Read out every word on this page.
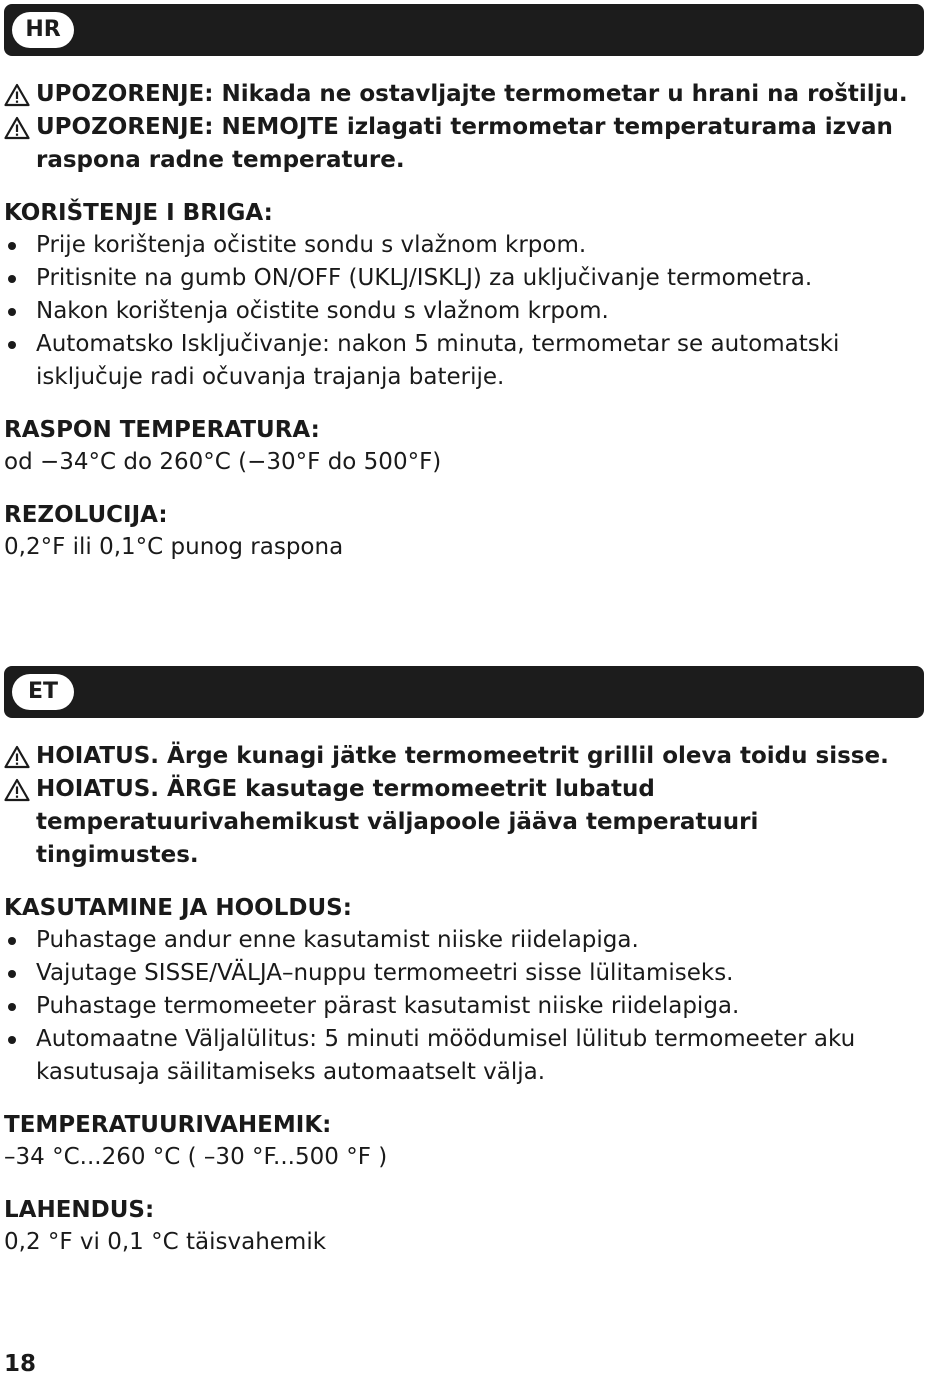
HR
UPOZORENJE: Nikada ne ostavljajte termometar u hrani na roštilju.
UPOZORENJE: NEMOJTE izlagati termometar temperaturama izvan raspona radne temperature.
KORIŠTENJE I BRIGA:
Prije korištenja očistite sondu s vlažnom krpom.
Pritisnite na gumb ON/OFF (UKLJ/ISKLJ) za uključivanje termometra.
Nakon korištenja očistite sondu s vlažnom krpom.
Automatsko Isključivanje: nakon 5 minuta, termometar se automatski isključuje radi očuvanja trajanja baterije.
RASPON TEMPERATURA:
od −34°C do 260°C (−30°F do 500°F)
REZOLUCIJA:
0,2°F ili 0,1°C punog raspona
ET
HOIATUS. Ärge kunagi jätke termomeetrit grillil oleva toidu sisse.
HOIATUS. ÄRGE kasutage termomeetrit lubatud temperatuurivahemikust väljapoole jääva temperatuuri tingimustes.
KASUTAMINE JA HOOLDUS:
Puhastage andur enne kasutamist niiske riidelapiga.
Vajutage SISSE/VÄLJA–nuppu termomeetri sisse lülitamiseks.
Puhastage termomeeter pärast kasutamist niiske riidelapiga.
Automaatne Väljalülitus: 5 minuti möödumisel lülitub termomeeter aku kasutusaja säilitamiseks automaatselt välja.
TEMPERATUURIVAHEMIK:
–34 °C...260 °C ( –30 °F...500 °F )
LAHENDUS:
0,2 °F vi 0,1 °C täisvahemik
18
